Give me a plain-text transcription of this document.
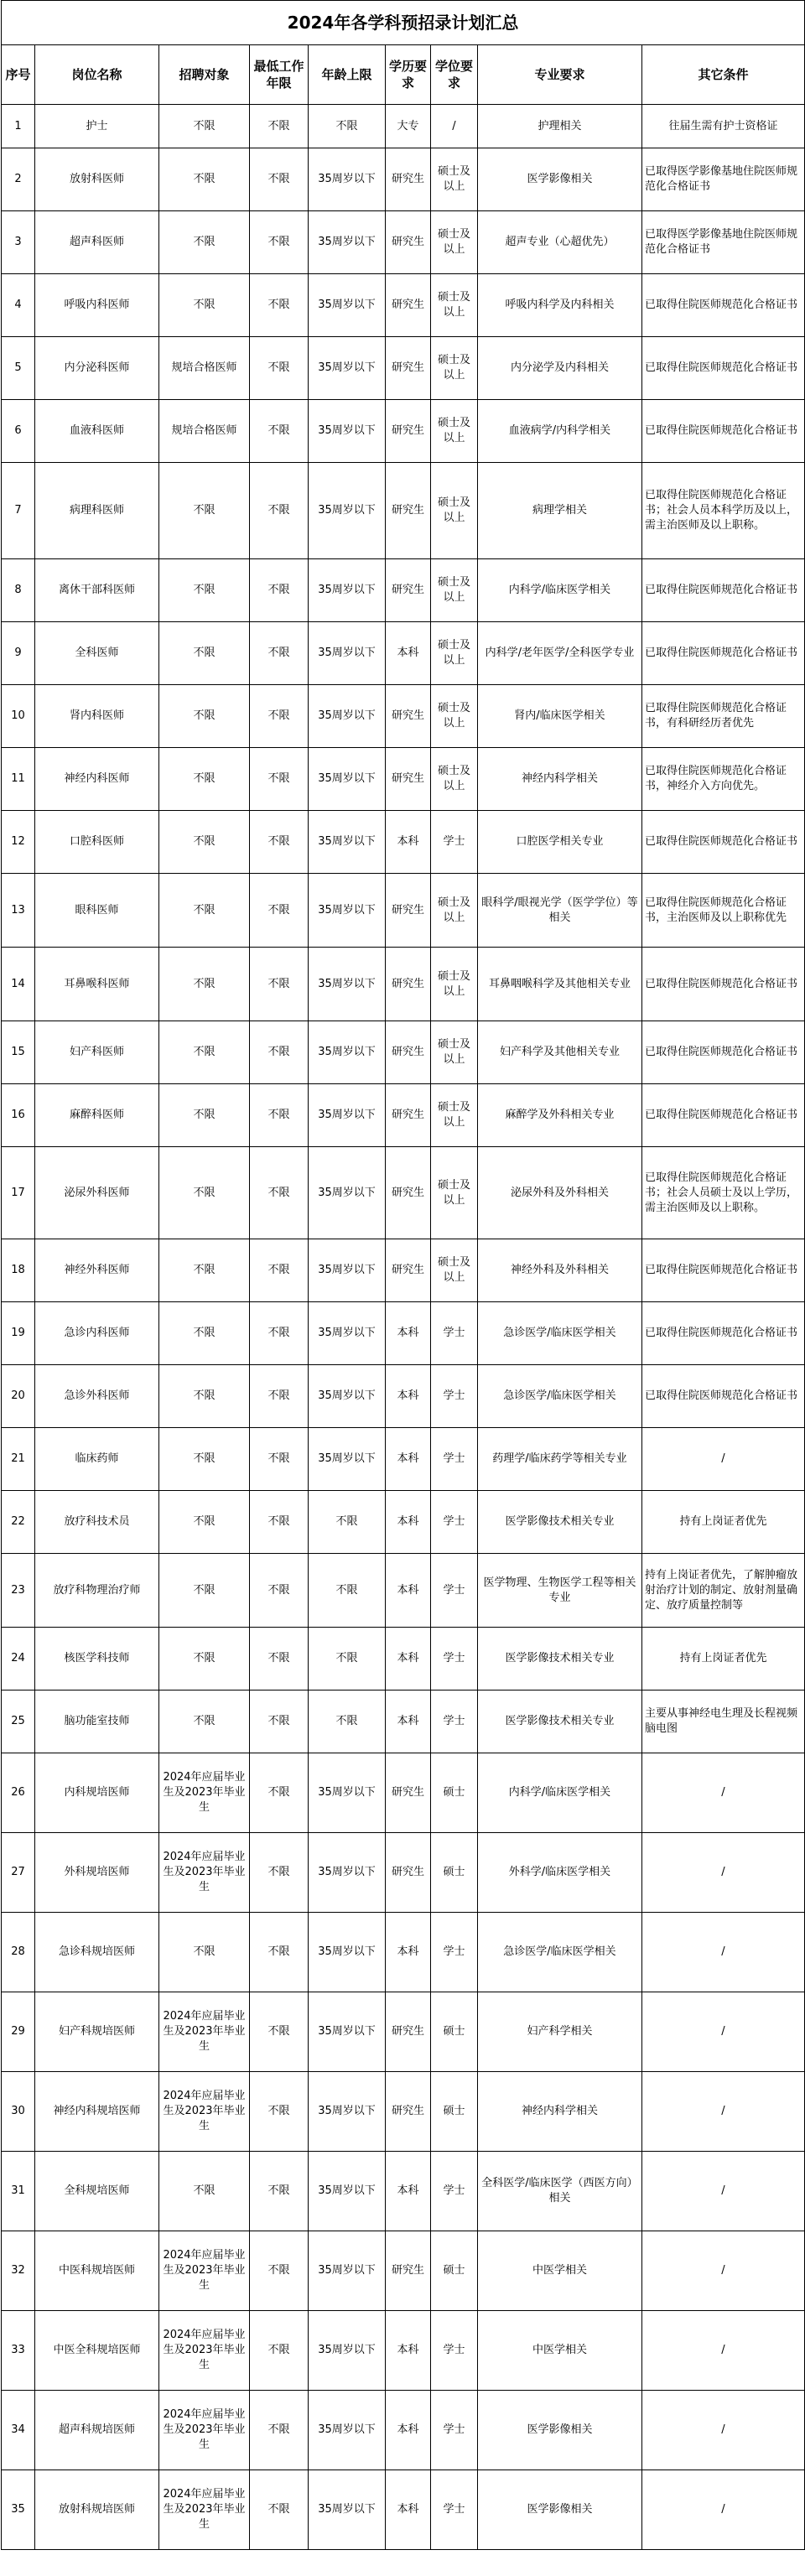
2024年各学科预招录计划汇总
序号	岗位名称	招聘对象	最低工作年限	年龄上限	学历要求	学位要求	专业要求	其它条件
1	护士	不限	不限	不限	大专	/	护理相关	往届生需有护士资格证
2	放射科医师	不限	不限	35周岁以下	研究生	硕士及以上	医学影像相关	已取得医学影像基地住院医师规范化合格证书
3	超声科医师	不限	不限	35周岁以下	研究生	硕士及以上	超声专业（心超优先）	已取得医学影像基地住院医师规范化合格证书
4	呼吸内科医师	不限	不限	35周岁以下	研究生	硕士及以上	呼吸内科学及内科相关	已取得住院医师规范化合格证书
5	内分泌科医师	规培合格医师	不限	35周岁以下	研究生	硕士及以上	内分泌学及内科相关	已取得住院医师规范化合格证书
6	血液科医师	规培合格医师	不限	35周岁以下	研究生	硕士及以上	血液病学/内科学相关	已取得住院医师规范化合格证书
7	病理科医师	不限	不限	35周岁以下	研究生	硕士及以上	病理学相关	已取得住院医师规范化合格证书；社会人员本科学历及以上，需主治医师及以上职称。
8	离休干部科医师	不限	不限	35周岁以下	研究生	硕士及以上	内科学/临床医学相关	已取得住院医师规范化合格证书
9	全科医师	不限	不限	35周岁以下	本科	硕士及以上	内科学/老年医学/全科医学专业	已取得住院医师规范化合格证书
10	肾内科医师	不限	不限	35周岁以下	研究生	硕士及以上	肾内/临床医学相关	已取得住院医师规范化合格证书，有科研经历者优先
11	神经内科医师	不限	不限	35周岁以下	研究生	硕士及以上	神经内科学相关	已取得住院医师规范化合格证书，神经介入方向优先。
12	口腔科医师	不限	不限	35周岁以下	本科	学士	口腔医学相关专业	已取得住院医师规范化合格证书
13	眼科医师	不限	不限	35周岁以下	研究生	硕士及以上	眼科学/眼视光学（医学学位）等相关	已取得住院医师规范化合格证书，主治医师及以上职称优先
14	耳鼻喉科医师	不限	不限	35周岁以下	研究生	硕士及以上	耳鼻咽喉科学及其他相关专业	已取得住院医师规范化合格证书
15	妇产科医师	不限	不限	35周岁以下	研究生	硕士及以上	妇产科学及其他相关专业	已取得住院医师规范化合格证书
16	麻醉科医师	不限	不限	35周岁以下	研究生	硕士及以上	麻醉学及外科相关专业	已取得住院医师规范化合格证书
17	泌尿外科医师	不限	不限	35周岁以下	研究生	硕士及以上	泌尿外科及外科相关	已取得住院医师规范化合格证书；社会人员硕士及以上学历，需主治医师及以上职称。
18	神经外科医师	不限	不限	35周岁以下	研究生	硕士及以上	神经外科及外科相关	已取得住院医师规范化合格证书
19	急诊内科医师	不限	不限	35周岁以下	本科	学士	急诊医学/临床医学相关	已取得住院医师规范化合格证书
20	急诊外科医师	不限	不限	35周岁以下	本科	学士	急诊医学/临床医学相关	已取得住院医师规范化合格证书
21	临床药师	不限	不限	35周岁以下	本科	学士	药理学/临床药学等相关专业	/
22	放疗科技术员	不限	不限	不限	本科	学士	医学影像技术相关专业	持有上岗证者优先
23	放疗科物理治疗师	不限	不限	不限	本科	学士	医学物理、生物医学工程等相关专业	持有上岗证者优先，了解肿瘤放射治疗计划的制定、放射剂量确定、放疗质量控制等
24	核医学科技师	不限	不限	不限	本科	学士	医学影像技术相关专业	持有上岗证者优先
25	脑功能室技师	不限	不限	不限	本科	学士	医学影像技术相关专业	主要从事神经电生理及长程视频脑电图
26	内科规培医师	2024年应届毕业生及2023年毕业生	不限	35周岁以下	研究生	硕士	内科学/临床医学相关	/
27	外科规培医师	2024年应届毕业生及2023年毕业生	不限	35周岁以下	研究生	硕士	外科学/临床医学相关	/
28	急诊科规培医师	不限	不限	35周岁以下	本科	学士	急诊医学/临床医学相关	/
29	妇产科规培医师	2024年应届毕业生及2023年毕业生	不限	35周岁以下	研究生	硕士	妇产科学相关	/
30	神经内科规培医师	2024年应届毕业生及2023年毕业生	不限	35周岁以下	研究生	硕士	神经内科学相关	/
31	全科规培医师	不限	不限	35周岁以下	本科	学士	全科医学/临床医学（西医方向）相关	/
32	中医科规培医师	2024年应届毕业生及2023年毕业生	不限	35周岁以下	研究生	硕士	中医学相关	/
33	中医全科规培医师	2024年应届毕业生及2023年毕业生	不限	35周岁以下	本科	学士	中医学相关	/
34	超声科规培医师	2024年应届毕业生及2023年毕业生	不限	35周岁以下	本科	学士	医学影像相关	/
35	放射科规培医师	2024年应届毕业生及2023年毕业生	不限	35周岁以下	本科	学士	医学影像相关	/
